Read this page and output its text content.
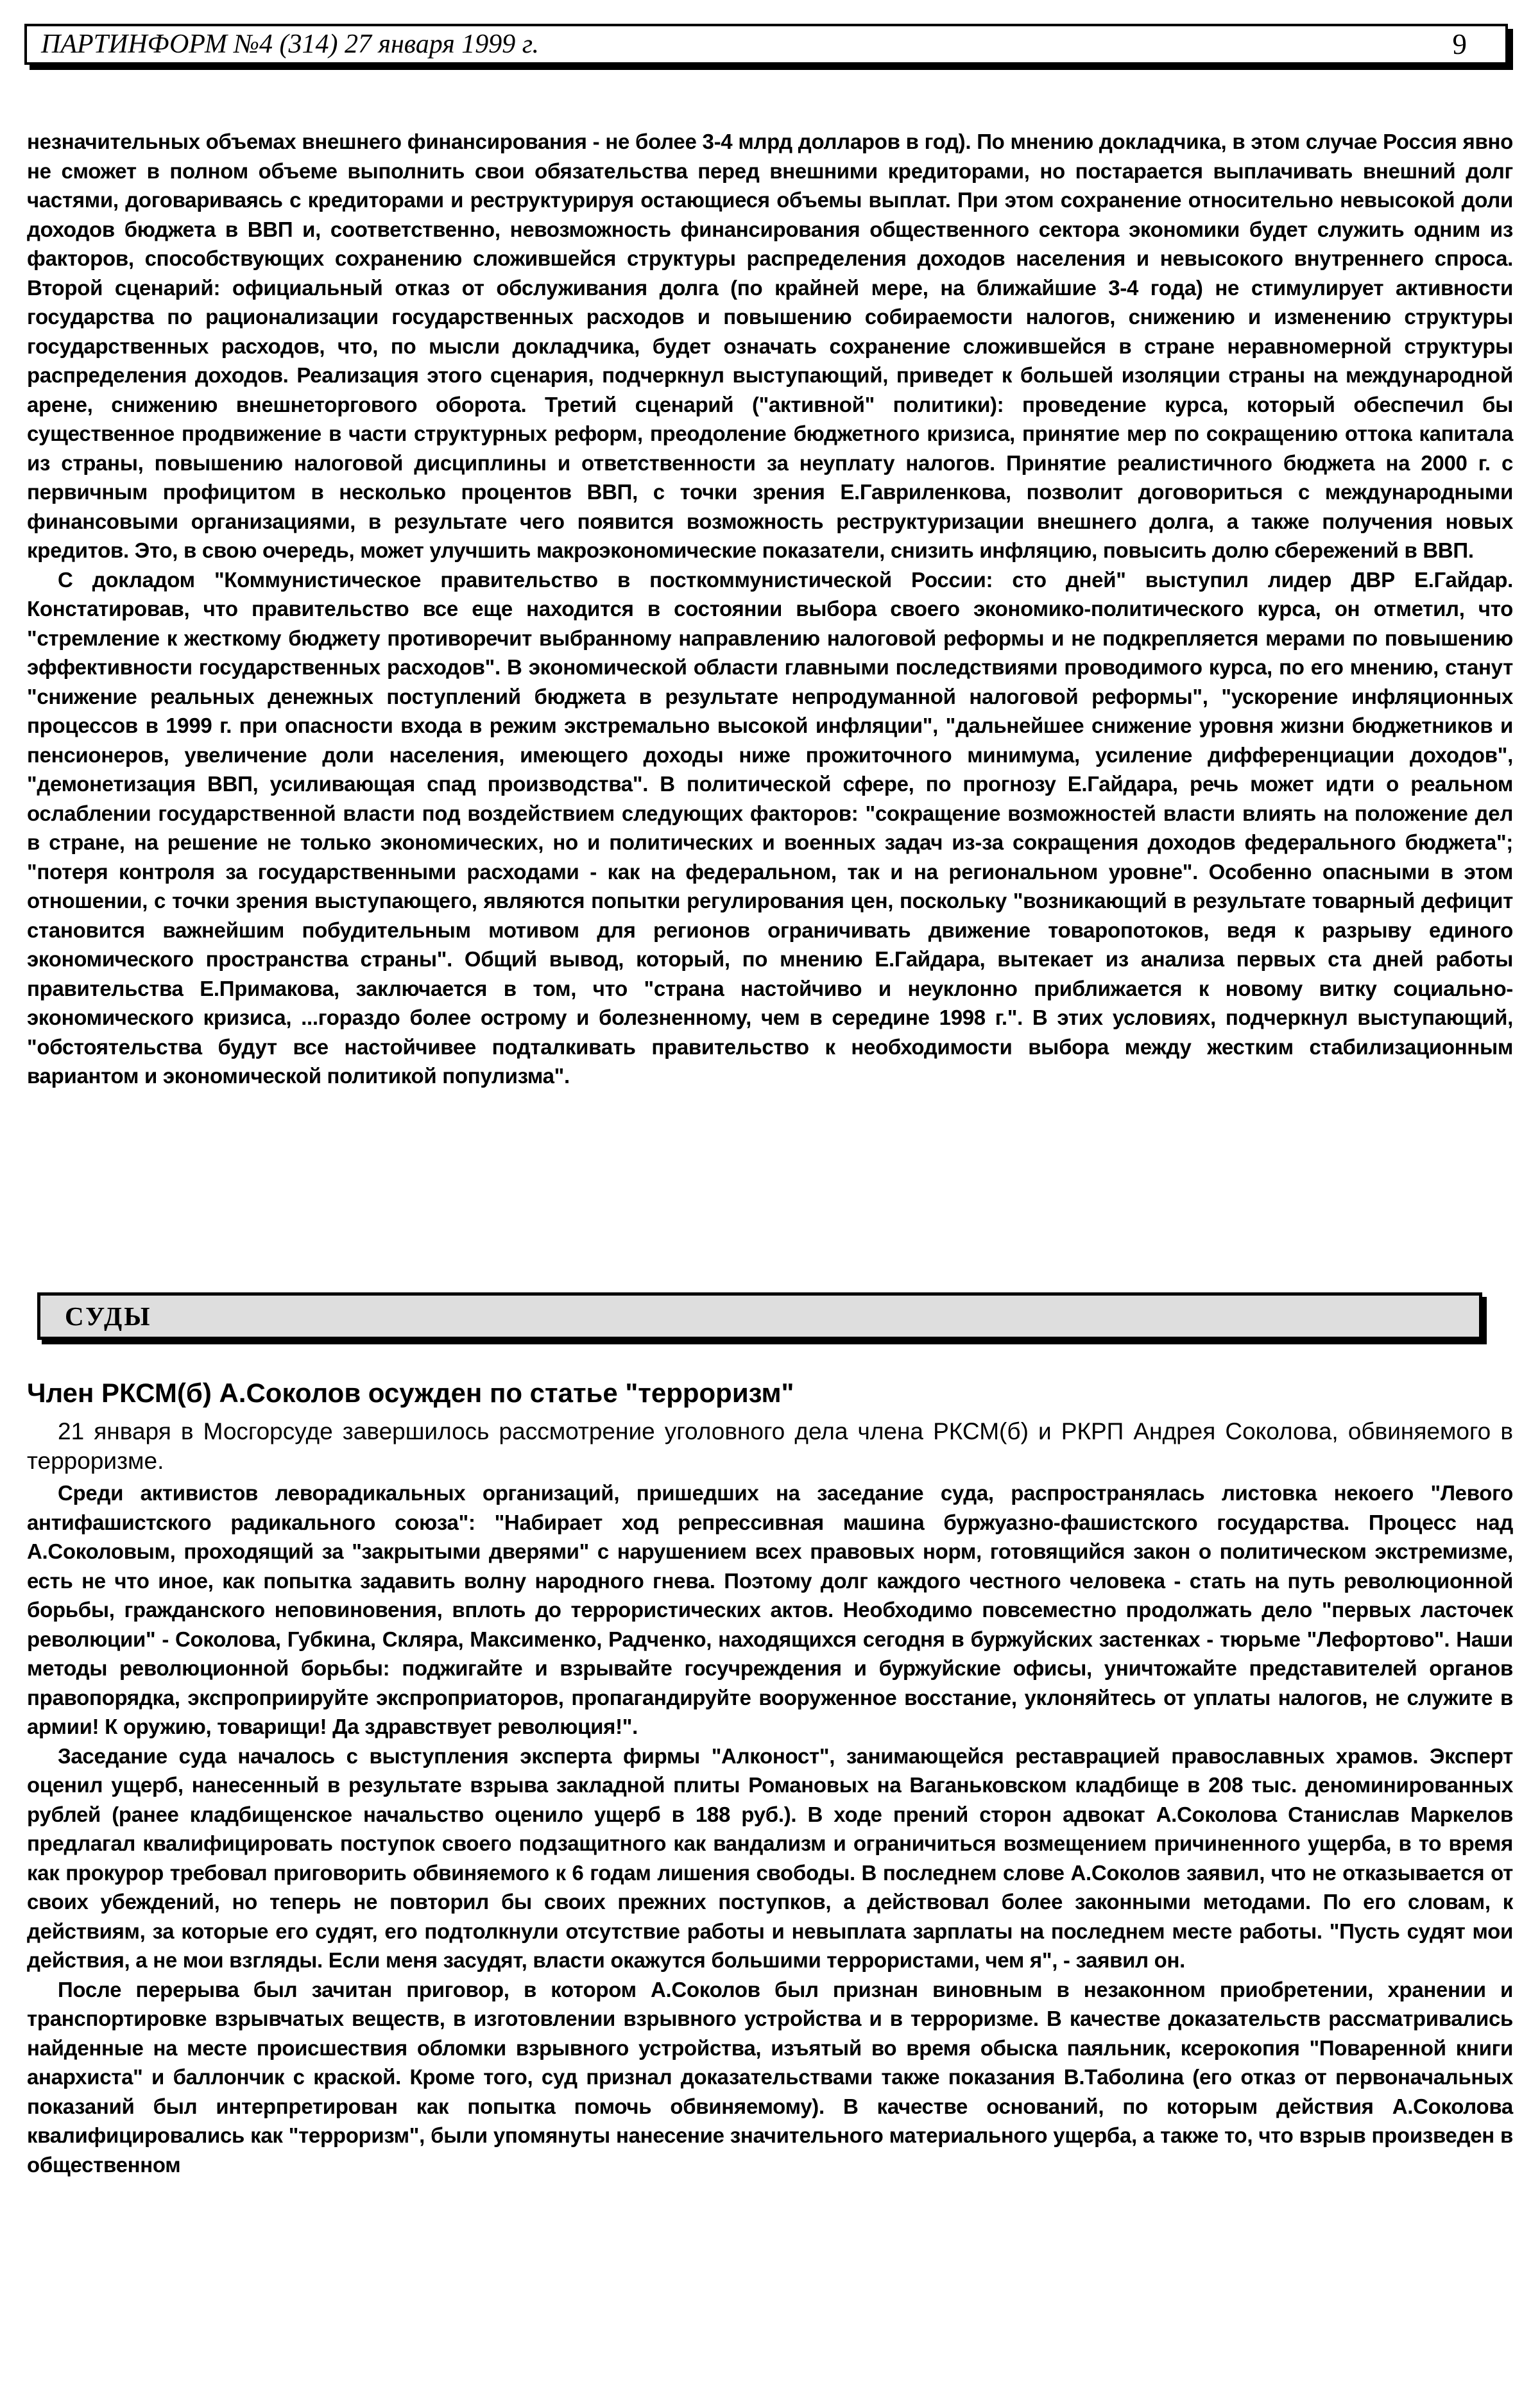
ПАРТИНФОРМ №4 (314) 27 января 1999 г.	9

незначительных объемах внешнего финансирования - не более 3-4 млрд долларов в год). По мнению докладчика, в этом случае Россия явно не сможет в полном объеме выполнить свои обязательства перед внешними кредиторами, но постарается выплачивать внешний долг частями, договариваясь с кредиторами и реструктурируя остающиеся объемы выплат. При этом сохранение относительно невысокой доли доходов бюджета в ВВП и, соответственно, невозможность финансирования общественного сектора экономики будет служить одним из факторов, способствующих сохранению сложившейся структуры распределения доходов населения и невысокого внутреннего спроса. Второй сценарий: официальный отказ от обслуживания долга (по крайней мере, на ближайшие 3-4 года) не стимулирует активности государства по рационализации государственных расходов и повышению собираемости налогов, снижению и изменению структуры государственных расходов, что, по мысли докладчика, будет означать сохранение сложившейся в стране неравномерной структуры распределения доходов. Реализация этого сценария, подчеркнул выступающий, приведет к большей изоляции страны на международной арене, снижению внешнеторгового оборота. Третий сценарий ("активной" политики): проведение курса, который обеспечил бы существенное продвижение в части структурных реформ, преодоление бюджетного кризиса, принятие мер по сокращению оттока капитала из страны, повышению налоговой дисциплины и ответственности за неуплату налогов. Принятие реалистичного бюджета на 2000 г. с первичным профицитом в несколько процентов ВВП, с точки зрения Е.Гавриленкова, позволит договориться с международными финансовыми организациями, в результате чего появится возможность реструктуризации внешнего долга, а также получения новых кредитов. Это, в свою очередь, может улучшить макроэкономические показатели, снизить инфляцию, повысить долю сбережений в ВВП.

С докладом "Коммунистическое правительство в посткоммунистической России: сто дней" выступил лидер ДВР Е.Гайдар. Констатировав, что правительство все еще находится в состоянии выбора своего экономико-политического курса, он отметил, что "стремление к жесткому бюджету противоречит выбранному направлению налоговой реформы и не подкрепляется мерами по повышению эффективности государственных расходов". В экономической области главными последствиями проводимого курса, по его мнению, станут "снижение реальных денежных поступлений бюджета в результате непродуманной налоговой реформы", "ускорение инфляционных процессов в 1999 г. при опасности входа в режим экстремально высокой инфляции", "дальнейшее снижение уровня жизни бюджетников и пенсионеров, увеличение доли населения, имеющего доходы ниже прожиточного минимума, усиление дифференциации доходов", "демонетизация ВВП, усиливающая спад производства". В политической сфере, по прогнозу Е.Гайдара, речь может идти о реальном ослаблении государственной власти под воздействием следующих факторов: "сокращение возможностей власти влиять на положение дел в стране, на решение не только экономических, но и политических и военных задач из-за сокращения доходов федерального бюджета"; "потеря контроля за государственными расходами - как на федеральном, так и на региональном уровне". Особенно опасными в этом отношении, с точки зрения выступающего, являются попытки регулирования цен, поскольку "возникающий в результате товарный дефицит становится важнейшим побудительным мотивом для регионов ограничивать движение товаропотоков, ведя к разрыву единого экономического пространства страны". Общий вывод, который, по мнению Е.Гайдара, вытекает из анализа первых ста дней работы правительства Е.Примакова, заключается в том, что "страна настойчиво и неуклонно приближается к новому витку социально-экономического кризиса, ...гораздо более острому и болезненному, чем в середине 1998 г.". В этих условиях, подчеркнул выступающий, "обстоятельства будут все настойчивее подталкивать правительство к необходимости выбора между жестким стабилизационным вариантом и экономической политикой популизма".

СУДЫ
Член РКСМ(б) А.Соколов осужден по статье "терроризм"

21 января в Мосгорсуде завершилось рассмотрение уголовного дела члена РКСМ(б) и РКРП Андрея Соколова, обвиняемого в терроризме.

Среди активистов леворадикальных организаций, пришедших на заседание суда, распространялась листовка некоего "Левого антифашистского радикального союза": "Набирает ход репрессивная машина буржуазно-фашистского государства. Процесс над А.Соколовым, проходящий за "закрытыми дверями" с нарушением всех правовых норм, готовящийся закон о политическом экстремизме, есть не что иное, как попытка задавить волну народного гнева. Поэтому долг каждого честного человека - стать на путь революционной борьбы, гражданского неповиновения, вплоть до террористических актов. Необходимо повсеместно продолжать дело "первых ласточек революции" - Соколова, Губкина, Скляра, Максименко, Радченко, находящихся сегодня в буржуйских застенках - тюрьме "Лефортово". Наши методы революционной борьбы: поджигайте и взрывайте госучреждения и буржуйские офисы, уничтожайте представителей органов правопорядка, экспроприируйте экспроприаторов, пропагандируйте вооруженное восстание, уклоняйтесь от уплаты налогов, не служите в армии! К оружию, товарищи! Да здравствует революция!".

Заседание суда началось с выступления эксперта фирмы "Алконост", занимающейся реставрацией православных храмов. Эксперт оценил ущерб, нанесенный в результате взрыва закладной плиты Романовых на Ваганьковском кладбище в 208 тыс. деноминированных рублей (ранее кладбищенское начальство оценило ущерб в 188 руб.). В ходе прений сторон адвокат А.Соколова Станислав Маркелов предлагал квалифицировать поступок своего подзащитного как вандализм и ограничиться возмещением причиненного ущерба, в то время как прокурор требовал приговорить обвиняемого к 6 годам лишения свободы. В последнем слове А.Соколов заявил, что не отказывается от своих убеждений, но теперь не повторил бы своих прежних поступков, а действовал более законными методами. По его словам, к действиям, за которые его судят, его подтолкнули отсутствие работы и невыплата зарплаты на последнем месте работы. "Пусть судят мои действия, а не мои взгляды. Если меня засудят, власти окажутся большими террористами, чем я", - заявил он.

После перерыва был зачитан приговор, в котором А.Соколов был признан виновным в незаконном приобретении, хранении и транспортировке взрывчатых веществ, в изготовлении взрывного устройства и в терроризме. В качестве доказательств рассматривались найденные на месте происшествия обломки взрывного устройства, изъятый во время обыска паяльник, ксерокопия "Поваренной книги анархиста" и баллончик с краской. Кроме того, суд признал доказательствами также показания В.Таболина (его отказ от первоначальных показаний был интерпретирован как попытка помочь обвиняемому). В качестве оснований, по которым действия А.Соколова квалифицировались как "терроризм", были упомянуты нанесение значительного материального ущерба, а также то, что взрыв произведен в общественном
